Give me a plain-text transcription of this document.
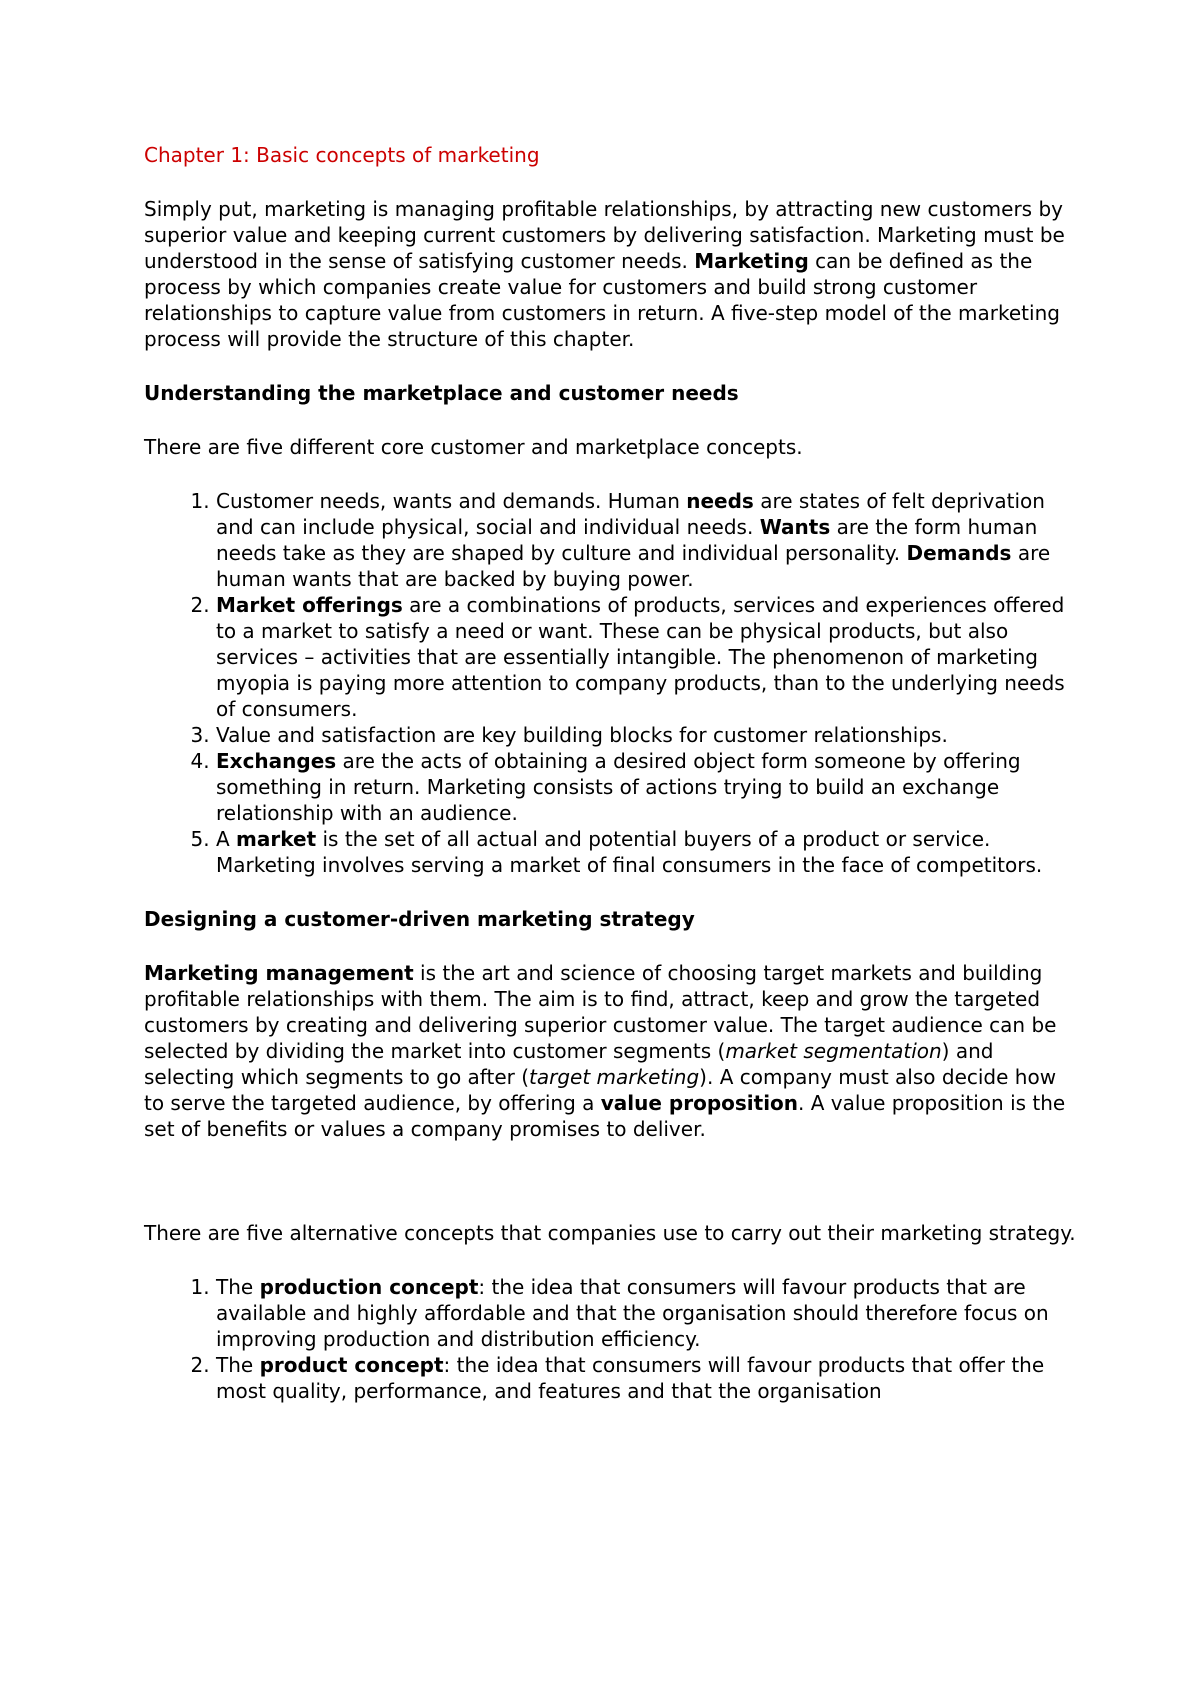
Chapter 1: Basic concepts of marketing

Simply put, marketing is managing profitable relationships, by attracting new customers by superior value and keeping current customers by delivering satisfaction. Marketing must be understood in the sense of satisfying customer needs. Marketing can be defined as the process by which companies create value for customers and build strong customer relationships to capture value from customers in return. A five-step model of the marketing process will provide the structure of this chapter.

Understanding the marketplace and customer needs

There are five different core customer and marketplace concepts.

1. Customer needs, wants and demands. Human needs are states of felt deprivation and can include physical, social and individual needs. Wants are the form human needs take as they are shaped by culture and individual personality. Demands are human wants that are backed by buying power.
2. Market offerings are a combinations of products, services and experiences offered to a market to satisfy a need or want. These can be physical products, but also services – activities that are essentially intangible. The phenomenon of marketing myopia is paying more attention to company products, than to the underlying needs of consumers.
3. Value and satisfaction are key building blocks for customer relationships.
4. Exchanges are the acts of obtaining a desired object form someone by offering something in return. Marketing consists of actions trying to build an exchange relationship with an audience.
5. A market is the set of all actual and potential buyers of a product or service. Marketing involves serving a market of final consumers in the face of competitors.

Designing a customer-driven marketing strategy

Marketing management is the art and science of choosing target markets and building profitable relationships with them. The aim is to find, attract, keep and grow the targeted customers by creating and delivering superior customer value. The target audience can be selected by dividing the market into customer segments (market segmentation) and selecting which segments to go after (target marketing). A company must also decide how to serve the targeted audience, by offering a value proposition. A value proposition is the set of benefits or values a company promises to deliver.

There are five alternative concepts that companies use to carry out their marketing strategy.

1. The production concept: the idea that consumers will favour products that are available and highly affordable and that the organisation should therefore focus on improving production and distribution efficiency.
2. The product concept: the idea that consumers will favour products that offer the most quality, performance, and features and that the organisation
